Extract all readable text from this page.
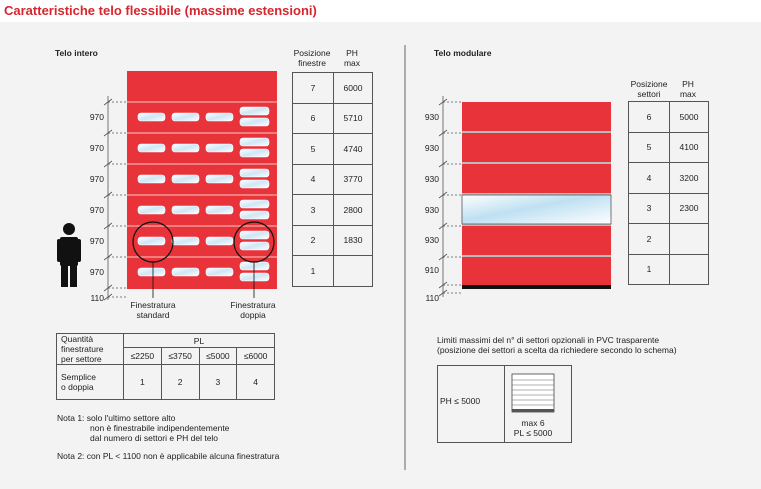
Caratteristiche telo flessibile (massime estensioni)
Telo intero
970
970
970
970
970
970
110
Finestratura
standard
Finestratura
doppia
Posizione
finestre
PH
max
7	6000
6	5710
5	4740
4	3770
3	2800
2	1830
1	
Quantità
finestrature
per settore	PL			
	≤2250	≤3750	≤5000	≤6000

Semplice
o doppia	1	2	3	4
Nota 1: solo l'ultimo settore alto
non è finestrabile indipendentemente
dal numero di settori e PH del telo
Nota 2: con PL < 1100 non è applicabile alcuna finestratura
Telo modulare
930
930
930
930
930
910
110
Posizione
settori
PH
max
6	5000
5	4100
4	3200
3	2300
2	
1	
Limiti massimi del n° di settori opzionali in PVC trasparente
(posizione dei settori a scelta da richiedere secondo lo schema)
PH ≤ 5000
max 6
PL ≤ 5000
